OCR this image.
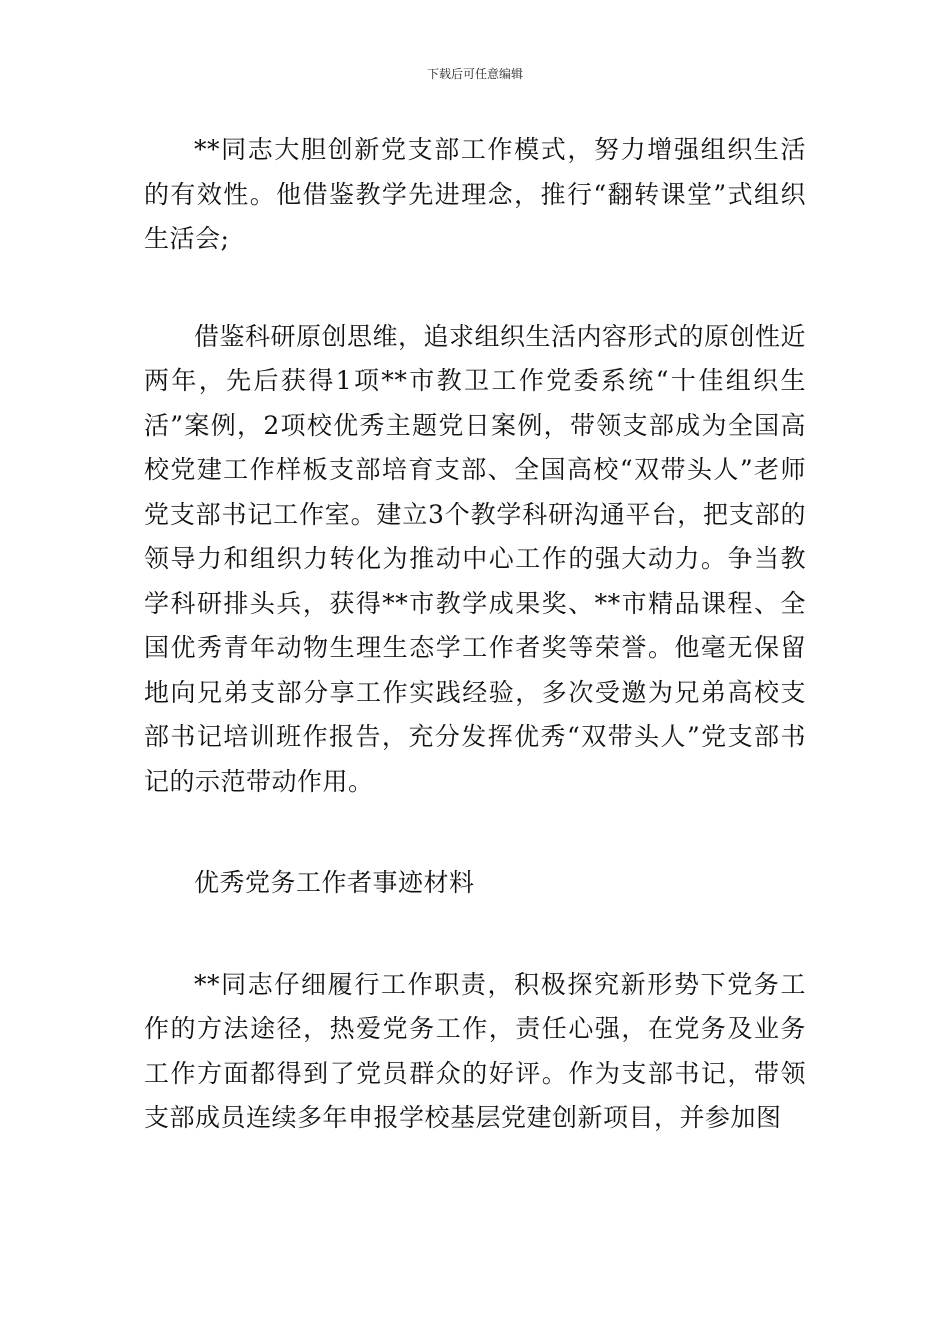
下载后可任意编辑

**同志大胆创新党支部工作模式，努力增强组织生活的有效性。他借鉴教学先进理念，推行“翻转课堂”式组织生活会;

借鉴科研原创思维，追求组织生活内容形式的原创性近两年，先后获得1项**市教卫工作党委系统“十佳组织生活”案例，2项校优秀主题党日案例，带领支部成为全国高校党建工作样板支部培育支部、全国高校“双带头人”老师党支部书记工作室。建立3个教学科研沟通平台，把支部的领导力和组织力转化为推动中心工作的强大动力。争当教学科研排头兵，获得**市教学成果奖、**市精品课程、全国优秀青年动物生理生态学工作者奖等荣誉。他毫无保留地向兄弟支部分享工作实践经验，多次受邀为兄弟高校支部书记培训班作报告，充分发挥优秀“双带头人”党支部书记的示范带动作用。

优秀党务工作者事迹材料

**同志仔细履行工作职责，积极探究新形势下党务工作的方法途径，热爱党务工作，责任心强，在党务及业务工作方面都得到了党员群众的好评。作为支部书记，带领支部成员连续多年申报学校基层党建创新项目，并参加图
